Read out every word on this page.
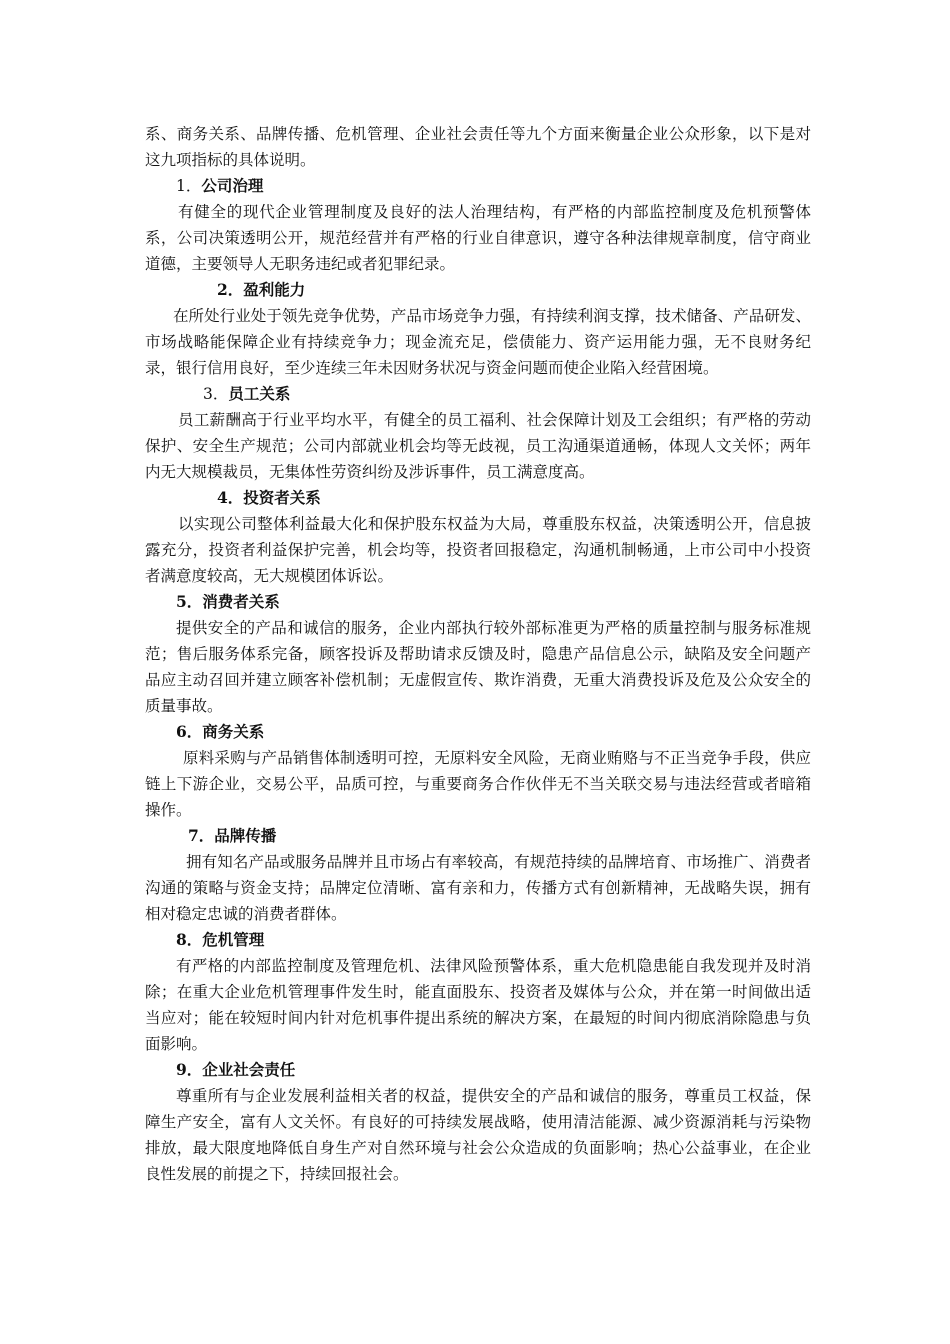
系、商务关系、品牌传播、危机管理、企业社会责任等九个方面来衡量企业公众形象，以下是对这九项指标的具体说明。

1．公司治理

有健全的现代企业管理制度及良好的法人治理结构，有严格的内部监控制度及危机预警体系，公司决策透明公开，规范经营并有严格的行业自律意识，遵守各种法律规章制度，信守商业道德，主要领导人无职务违纪或者犯罪纪录。

2．盈利能力

在所处行业处于领先竞争优势，产品市场竞争力强，有持续利润支撑，技术储备、产品研发、市场战略能保障企业有持续竞争力；现金流充足，偿债能力、资产运用能力强，无不良财务纪录，银行信用良好，至少连续三年未因财务状况与资金问题而使企业陷入经营困境。

3．员工关系

员工薪酬高于行业平均水平，有健全的员工福利、社会保障计划及工会组织；有严格的劳动保护、安全生产规范；公司内部就业机会均等无歧视，员工沟通渠道通畅，体现人文关怀；两年内无大规模裁员，无集体性劳资纠纷及涉诉事件，员工满意度高。

4．投资者关系

以实现公司整体利益最大化和保护股东权益为大局，尊重股东权益，决策透明公开，信息披露充分，投资者利益保护完善，机会均等，投资者回报稳定，沟通机制畅通，上市公司中小投资者满意度较高，无大规模团体诉讼。

5．消费者关系

提供安全的产品和诚信的服务，企业内部执行较外部标准更为严格的质量控制与服务标准规范；售后服务体系完备，顾客投诉及帮助请求反馈及时，隐患产品信息公示，缺陷及安全问题产品应主动召回并建立顾客补偿机制；无虚假宣传、欺诈消费，无重大消费投诉及危及公众安全的质量事故。

6．商务关系

原料采购与产品销售体制透明可控，无原料安全风险，无商业贿赂与不正当竞争手段，供应链上下游企业，交易公平，品质可控，与重要商务合作伙伴无不当关联交易与违法经营或者暗箱操作。

7．品牌传播

拥有知名产品或服务品牌并且市场占有率较高，有规范持续的品牌培育、市场推广、消费者沟通的策略与资金支持；品牌定位清晰、富有亲和力，传播方式有创新精神，无战略失误，拥有相对稳定忠诚的消费者群体。

8．危机管理

有严格的内部监控制度及管理危机、法律风险预警体系，重大危机隐患能自我发现并及时消除；在重大企业危机管理事件发生时，能直面股东、投资者及媒体与公众，并在第一时间做出适当应对；能在较短时间内针对危机事件提出系统的解决方案，在最短的时间内彻底消除隐患与负面影响。

9．企业社会责任

尊重所有与企业发展利益相关者的权益，提供安全的产品和诚信的服务，尊重员工权益，保障生产安全，富有人文关怀。有良好的可持续发展战略，使用清洁能源、减少资源消耗与污染物排放，最大限度地降低自身生产对自然环境与社会公众造成的负面影响；热心公益事业，在企业良性发展的前提之下，持续回报社会。
